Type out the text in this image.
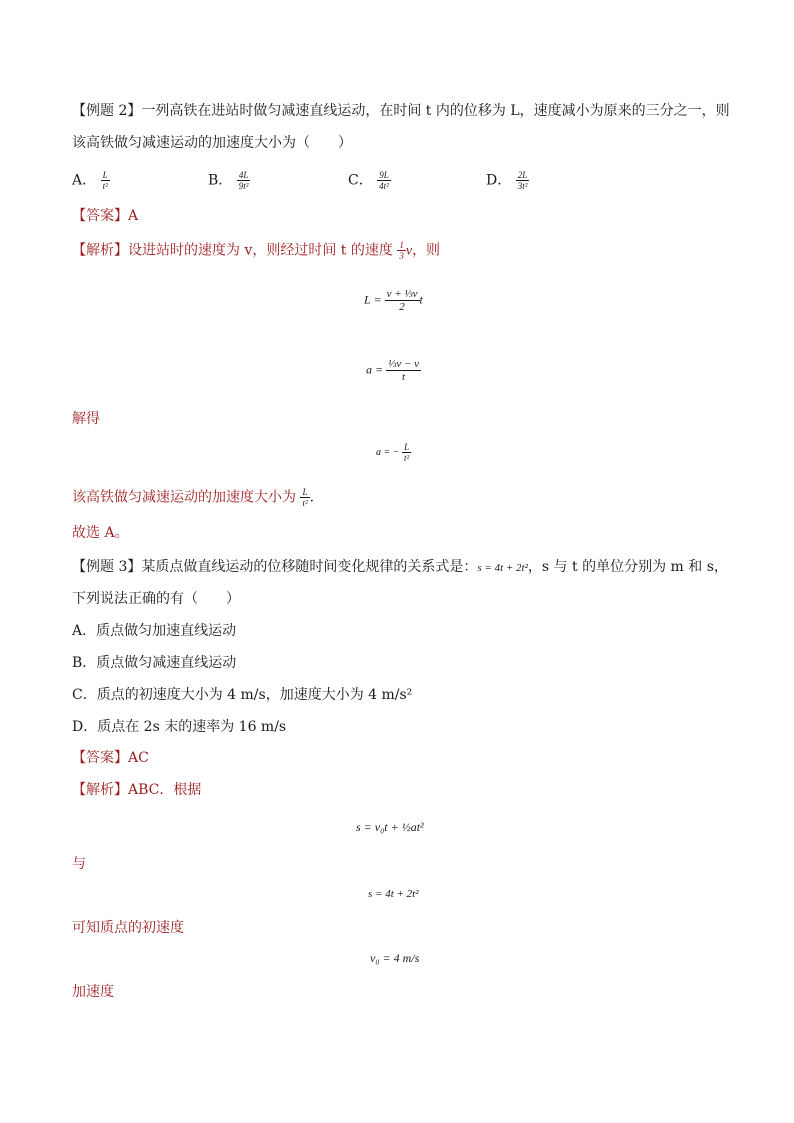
【例题 2】一列高铁在进站时做匀减速直线运动，在时间 t 内的位移为 L，速度减小为原来的三分之一，则
该高铁做匀减速运动的加速度大小为（　　）
A． $\frac{L}{\text{t²}}$	B． $\frac{4L}{\text{9t²}}$	C． $\frac{9L}{\text{4t²}}$	D． $\frac{2L}{\text{3t²}}$
【答案】A
【解析】设进站时的速度为 v，则经过时间 t 的速度 $\frac{1}{3}$ v，则
$L = \frac{\text{v + ⅓v}}{2}$ t
$a = \frac{\text{⅓v − v}}{t}$
解得
a = − $\frac{L}{\text{t²}}$
该高铁做匀减速运动的加速度大小为 $\frac{L}{\text{t²}}$ .
故选 A。
【例题 3】某质点做直线运动的位移随时间变化规律的关系式是：s = 4t + 2t²，s 与 t 的单位分别为 m 和 s，
下列说法正确的有（　　）
A．质点做匀加速直线运动
B．质点做匀减速直线运动
C．质点的初速度大小为 4 m/s，加速度大小为 4 m/s²
D．质点在 2s 末的速率为 16 m/s
【答案】AC
【解析】ABC．根据
s = v₀t + ½at²
与
s = 4t + 2t²
可知质点的初速度
v₀ = 4 m/s
加速度
